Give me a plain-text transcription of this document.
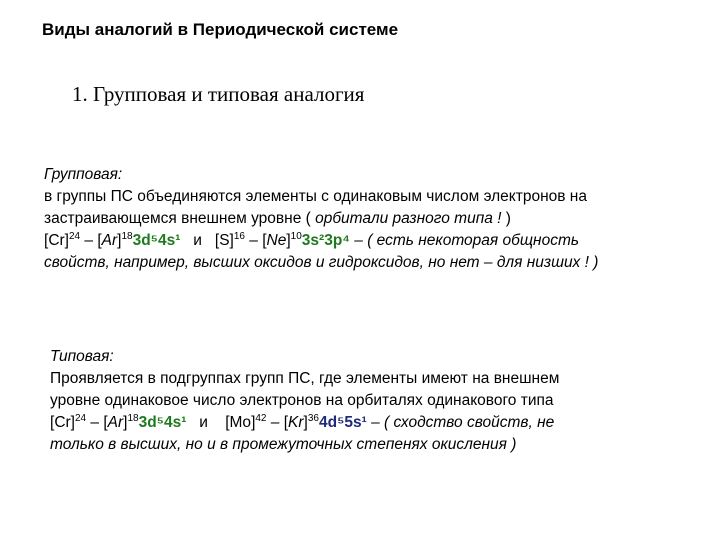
Виды аналогий в Периодической системе
1. Групповая и типовая аналогия
Групповая:
в группы ПС объединяются элементы с одинаковым числом электронов на
застраивающемся внешнем уровне ( орбитали разного типа ! )
$[Cr]^{24} - [Ar]^{18}3d^54s^1$ и   $[S]^{16} - [Ne]^{10}3s^23p^4$ – ( есть некоторая общность
свойств, например, высших оксидов и гидроксидов, но нет – для низших ! )
Типовая:
Проявляется в подгруппах групп ПС, где элементы имеют на внешнем
уровне одинаковое число электронов на орбиталях одинакового типа
$[Cr]^{24} - [Ar]^{18}3d^54s^1$ и    $[Mo]^{42} - [Kr]^{36}4d^55s^1$ – ( сходство свойств, не
только в высших, но и в промежуточных степенях окисления )
